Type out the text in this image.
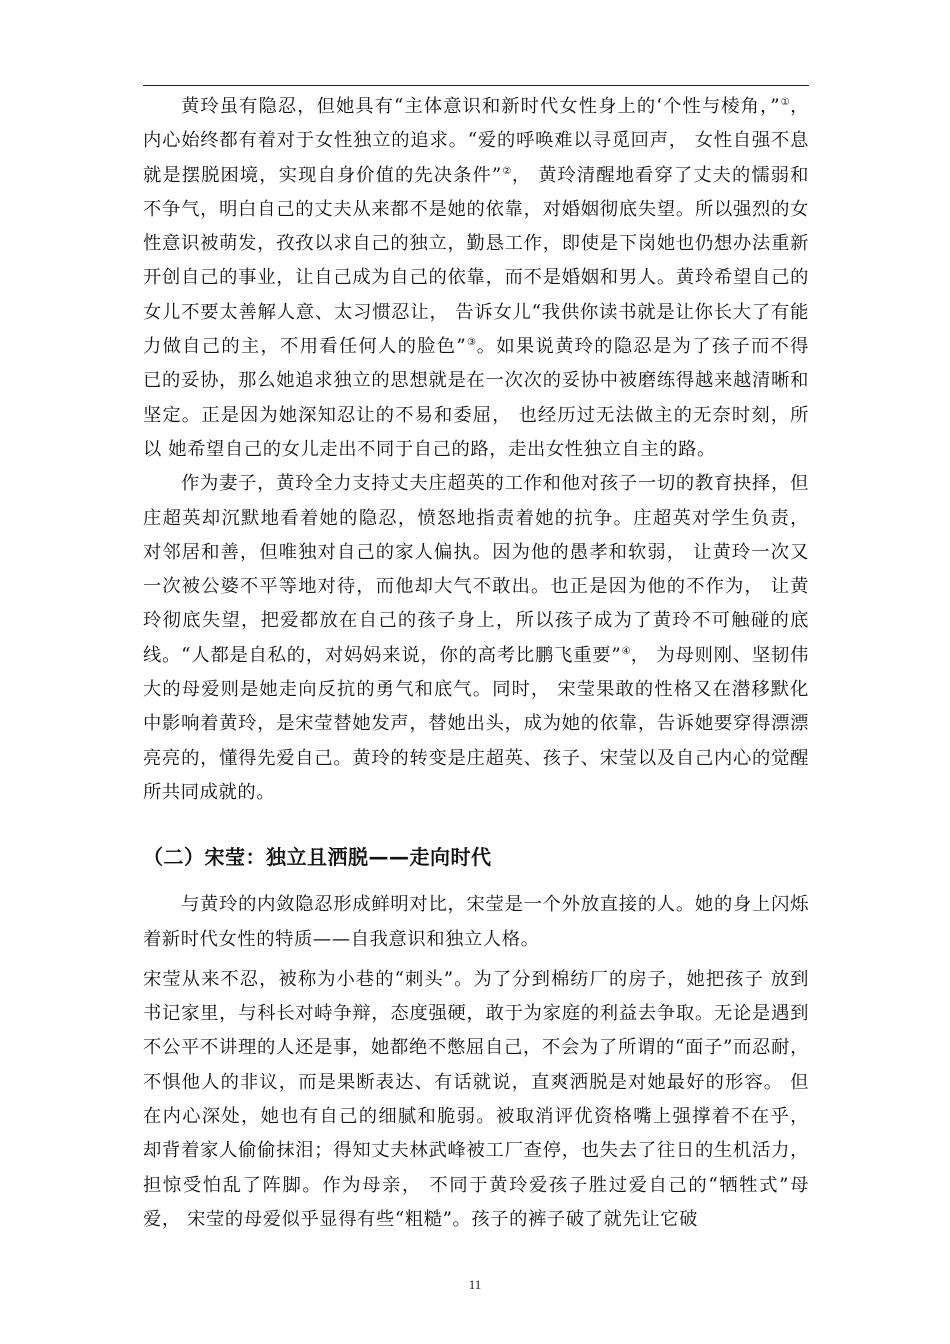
黄玲虽有隐忍，但她具有“主体意识和新时代女性身上的‘个性与棱角，”①，内心始终都有着对于女性独立的追求。“爱的呼唤难以寻觅回声， 女性自强不息 就是摆脱困境，实现自身价值的先决条件”②， 黄玲清醒地看穿了丈夫的懦弱和 不争气，明白自己的丈夫从来都不是她的依靠，对婚姻彻底失望。所以强烈的女 性意识被萌发，孜孜以求自己的独立，勤恳工作，即使是下岗她也仍想办法重新 开创自己的事业，让自己成为自己的依靠，而不是婚姻和男人。黄玲希望自己的 女儿不要太善解人意、太习惯忍让， 告诉女儿“我供你读书就是让你长大了有能 力做自己的主，不用看任何人的脸色”③。如果说黄玲的隐忍是为了孩子而不得 已的妥协，那么她追求独立的思想就是在一次次的妥协中被磨练得越来越清晰和 坚定。正是因为她深知忍让的不易和委屈， 也经历过无法做主的无奈时刻，所以 她希望自己的女儿走出不同于自己的路，走出女性独立自主的路。

作为妻子，黄玲全力支持丈夫庄超英的工作和他对孩子一切的教育抉择，但庄超英却沉默地看着她的隐忍，愤怒地指责着她的抗争。庄超英对学生负责， 对邻居和善，但唯独对自己的家人偏执。因为他的愚孝和软弱， 让黄玲一次又一次被公婆不平等地对待，而他却大气不敢出。也正是因为他的不作为， 让黄玲彻底失望，把爱都放在自己的孩子身上，所以孩子成为了黄玲不可触碰的底线。“人都是自私的，对妈妈来说，你的高考比鹏飞重要”④， 为母则刚、坚韧伟大的母爱则是她走向反抗的勇气和底气。同时， 宋莹果敢的性格又在潜移默化中影响着黄玲，是宋莹替她发声，替她出头，成为她的依靠，告诉她要穿得漂漂亮亮的，懂得先爱自己。黄玲的转变是庄超英、孩子、宋莹以及自己内心的觉醒所共同成就的。

（二）宋莹：独立且洒脱——走向时代

与黄玲的内敛隐忍形成鲜明对比，宋莹是一个外放直接的人。她的身上闪烁着新时代女性的特质——自我意识和独立人格。

宋莹从来不忍，被称为小巷的“刺头”。为了分到棉纺厂的房子，她把孩子 放到书记家里，与科长对峙争辩，态度强硬，敢于为家庭的利益去争取。无论是遇到不公平不讲理的人还是事，她都绝不憋屈自己，不会为了所谓的“面子”而忍耐，不惧他人的非议，而是果断表达、有话就说，直爽洒脱是对她最好的形容。 但在内心深处，她也有自己的细腻和脆弱。被取消评优资格嘴上强撑着不在乎， 却背着家人偷偷抹泪；得知丈夫林武峰被工厂查停，也失去了往日的生机活力， 担惊受怕乱了阵脚。作为母亲， 不同于黄玲爱孩子胜过爱自己的“牺牲式”母爱， 宋莹的母爱似乎显得有些“粗糙”。孩子的裤子破了就先让它破

11
